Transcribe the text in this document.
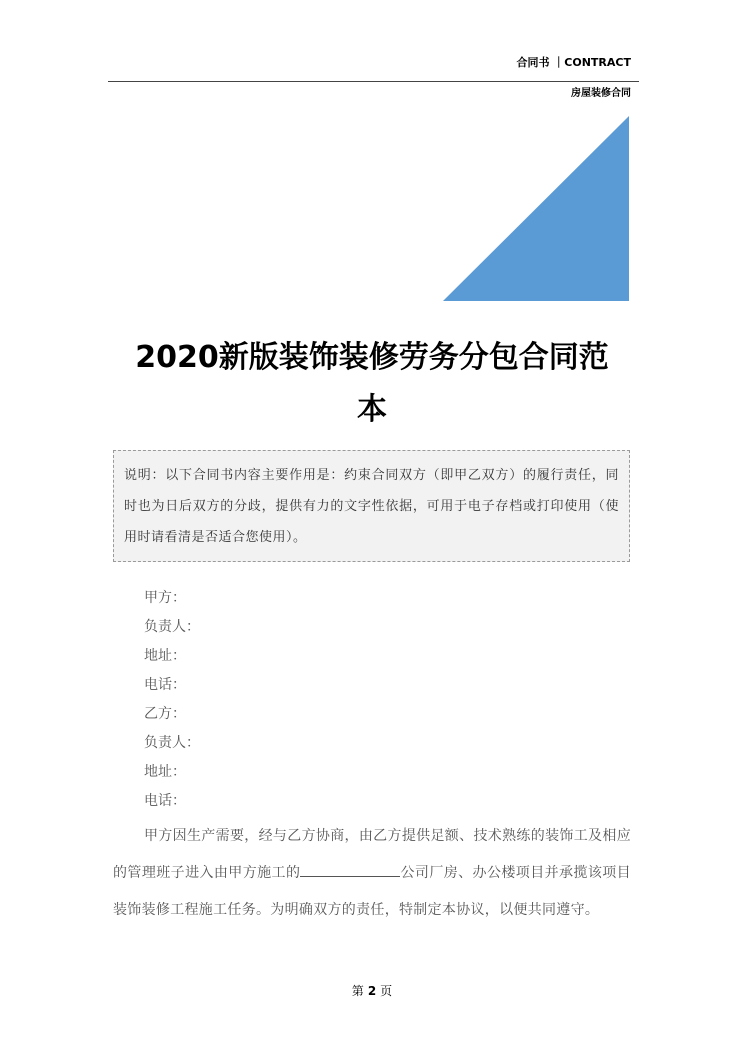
合同书 ｜CONTRACT
房屋装修合同
2020新版装饰装修劳务分包合同范
本
说明：以下合同书内容主要作用是：约束合同双方（即甲乙双方）的履行责任，同时也为日后双方的分歧，提供有力的文字性依据，可用于电子存档或打印使用（使用时请看清是否适合您使用）。
甲方：
负责人：
地址：
电话：
乙方：
负责人：
地址：
电话：
甲方因生产需要，经与乙方协商，由乙方提供足额、技术熟练的装饰工及相应的管理班子进入由甲方施工的	公司厂房、办公楼项目并承揽该项目装饰装修工程施工任务。为明确双方的责任，特制定本协议，以便共同遵守。
第 2 页
